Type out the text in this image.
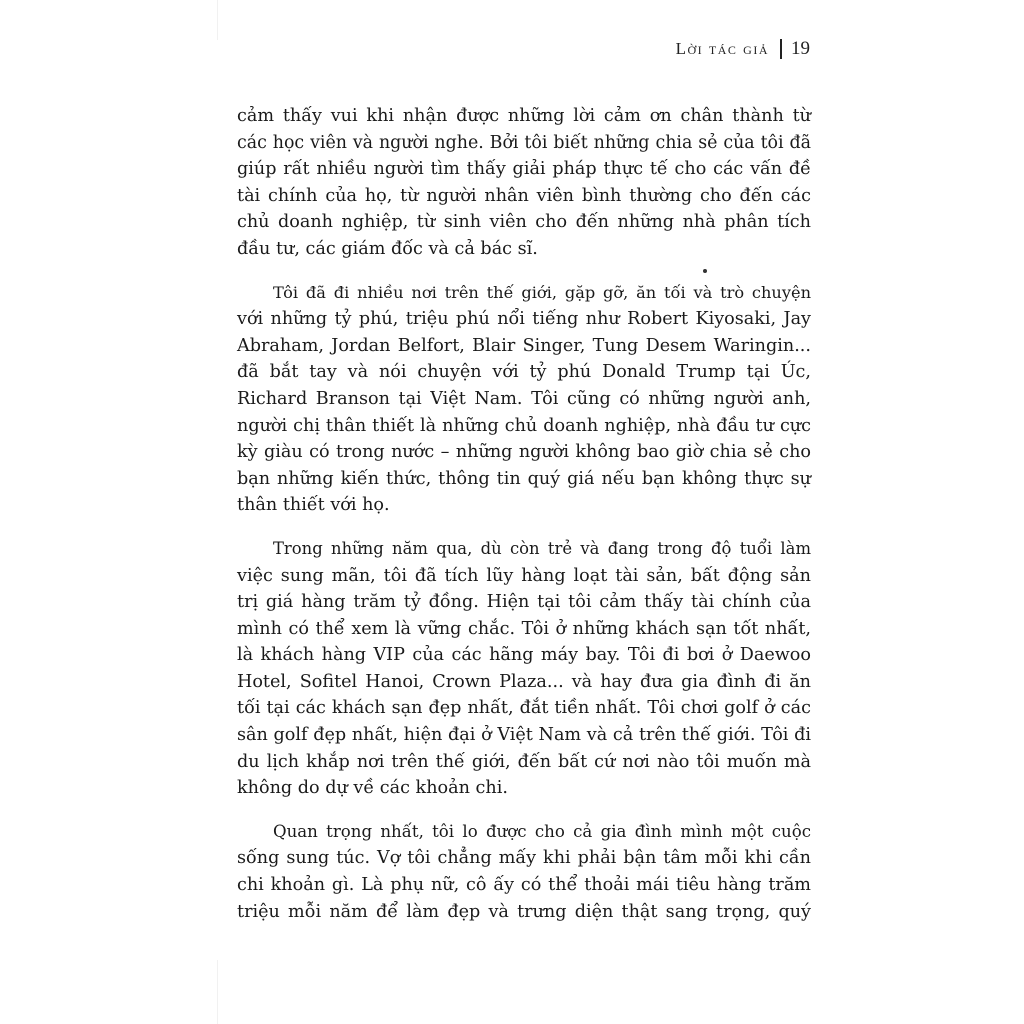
Lời tác giả 19

cảm thấy vui khi nhận được những lời cảm ơn chân thành từ
các học viên và người nghe. Bởi tôi biết những chia sẻ của tôi đã
giúp rất nhiều người tìm thấy giải pháp thực tế cho các vấn đề
tài chính của họ, từ người nhân viên bình thường cho đến các
chủ doanh nghiệp, từ sinh viên cho đến những nhà phân tích
đầu tư, các giám đốc và cả bác sĩ.

Tôi đã đi nhiều nơi trên thế giới, gặp gỡ, ăn tối và trò chuyện
với những tỷ phú, triệu phú nổi tiếng như Robert Kiyosaki, Jay
Abraham, Jordan Belfort, Blair Singer, Tung Desem Waringin...
đã bắt tay và nói chuyện với tỷ phú Donald Trump tại Úc,
Richard Branson tại Việt Nam. Tôi cũng có những người anh,
người chị thân thiết là những chủ doanh nghiệp, nhà đầu tư cực
kỳ giàu có trong nước – những người không bao giờ chia sẻ cho
bạn những kiến thức, thông tin quý giá nếu bạn không thực sự
thân thiết với họ.

Trong những năm qua, dù còn trẻ và đang trong độ tuổi làm
việc sung mãn, tôi đã tích lũy hàng loạt tài sản, bất động sản
trị giá hàng trăm tỷ đồng. Hiện tại tôi cảm thấy tài chính của
mình có thể xem là vững chắc. Tôi ở những khách sạn tốt nhất,
là khách hàng VIP của các hãng máy bay. Tôi đi bơi ở Daewoo
Hotel, Sofitel Hanoi, Crown Plaza... và hay đưa gia đình đi ăn
tối tại các khách sạn đẹp nhất, đắt tiền nhất. Tôi chơi golf ở các
sân golf đẹp nhất, hiện đại ở Việt Nam và cả trên thế giới. Tôi đi
du lịch khắp nơi trên thế giới, đến bất cứ nơi nào tôi muốn mà
không do dự về các khoản chi.

Quan trọng nhất, tôi lo được cho cả gia đình mình một cuộc
sống sung túc. Vợ tôi chẳng mấy khi phải bận tâm mỗi khi cần
chi khoản gì. Là phụ nữ, cô ấy có thể thoải mái tiêu hàng trăm
triệu mỗi năm để làm đẹp và trưng diện thật sang trọng, quý
